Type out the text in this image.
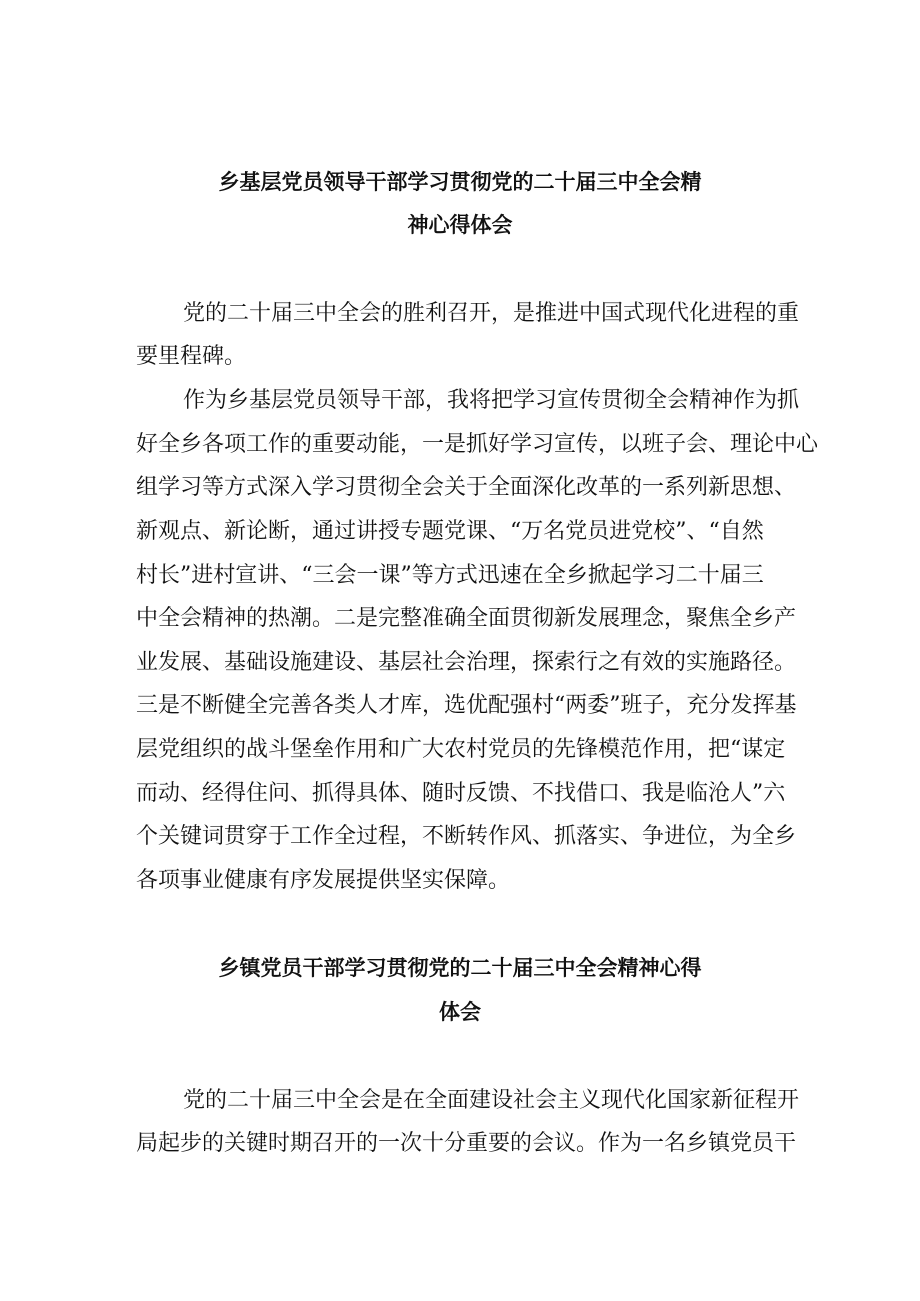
乡基层党员领导干部学习贯彻党的二十届三中全会精
神心得体会

党的二十届三中全会的胜利召开，是推进中国式现代化进程的重

要里程碑。

作为乡基层党员领导干部，我将把学习宣传贯彻全会精神作为抓

好全乡各项工作的重要动能，一是抓好学习宣传，以班子会、理论中心

组学习等方式深入学习贯彻全会关于全面深化改革的一系列新思想、

新观点、新论断，通过讲授专题党课、“万名党员进党校”、“自然

村长”进村宣讲、“三会一课”等方式迅速在全乡掀起学习二十届三

中全会精神的热潮。二是完整准确全面贯彻新发展理念，聚焦全乡产

业发展、基础设施建设、基层社会治理，探索行之有效的实施路径。

三是不断健全完善各类人才库，选优配强村“两委”班子，充分发挥基

层党组织的战斗堡垒作用和广大农村党员的先锋模范作用，把“谋定

而动、经得住问、抓得具体、随时反馈、不找借口、我是临沧人”六

个关键词贯穿于工作全过程，不断转作风、抓落实、争进位，为全乡

各项事业健康有序发展提供坚实保障。

乡镇党员干部学习贯彻党的二十届三中全会精神心得
体会

党的二十届三中全会是在全面建设社会主义现代化国家新征程开

局起步的关键时期召开的一次十分重要的会议。作为一名乡镇党员干
